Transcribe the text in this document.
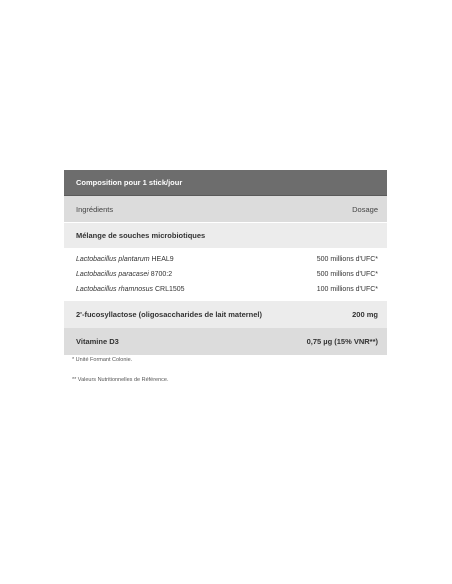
Composition pour 1 stick/jour
Ingrédients	Dosage
Mélange de souches microbiotiques
Lactobacillus plantarum HEAL9	500 millions d'UFC*
Lactobacillus paracasei 8700:2	500 millions d'UFC*
Lactobacillus rhamnosus CRL1505	100 millions d'UFC*
2'-fucosyllactose (oligosaccharides de lait maternel)	200 mg
Vitamine D3	0,75 µg (15% VNR**)
* Unité Formant Colonie.
** Valeurs Nutritionnelles de Référence.
